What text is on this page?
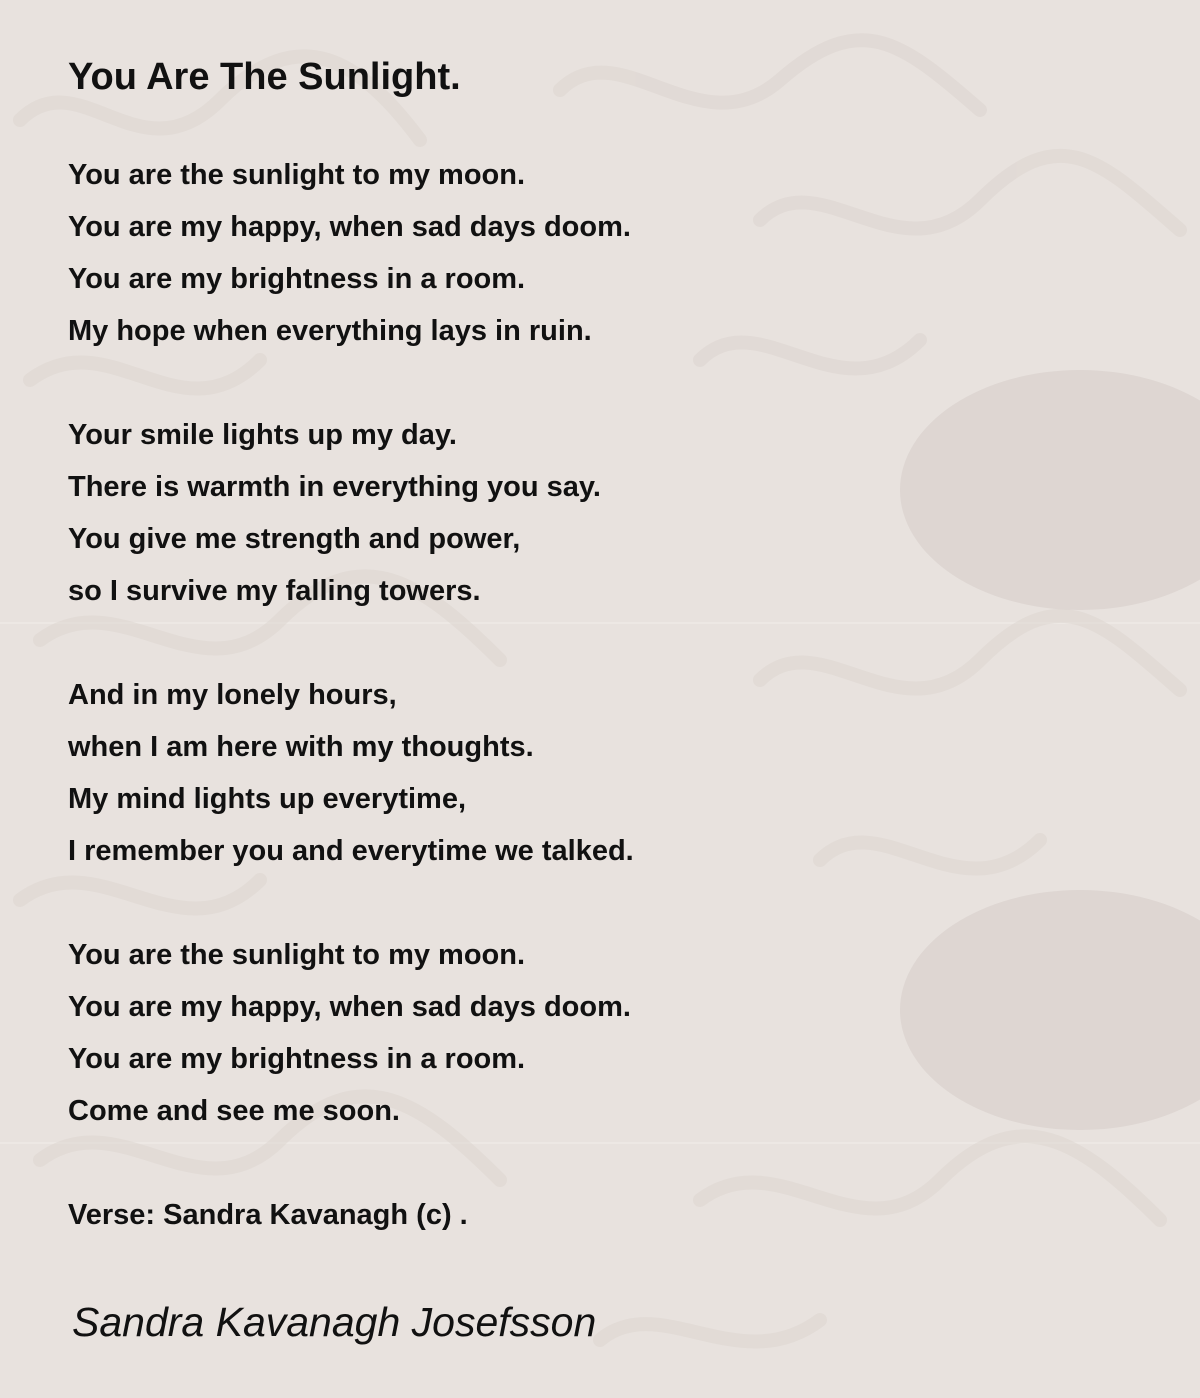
You Are The Sunlight.
You are the sunlight to my moon.
You are my happy, when sad days doom.
You are my brightness in a room.
My hope when everything lays in ruin.
Your smile lights up my day.
There is warmth in everything you say.
You give me strength and power,
so I survive my falling towers.
And in my lonely hours,
when I am here with my thoughts.
My mind lights up everytime,
I remember you and everytime we talked.
You are the sunlight to my moon.
You are my happy, when sad days doom.
You are my brightness in a room.
Come and see me soon.
Verse: Sandra Kavanagh (c) .
Sandra Kavanagh Josefsson
